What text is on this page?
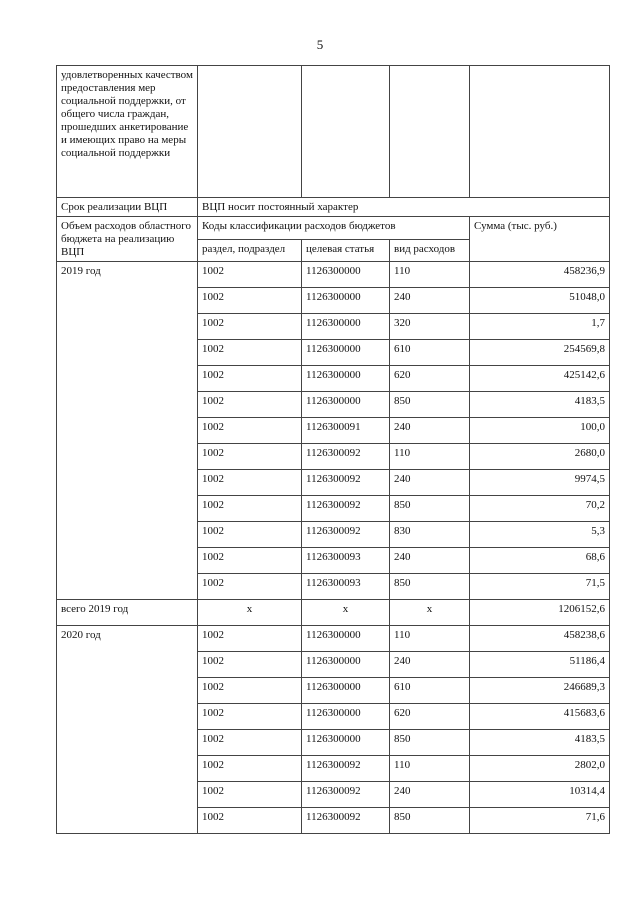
5
удовлетворенных качеством предоставления мер социальной поддержки, от общего числа граждан, прошедших анкетирование и имеющих право на меры социальной поддержки				
Срок реализации ВЦП	ВЦП носит постоянный характер			
Объем расходов областного бюджета на реализацию ВЦП	Коды классификации расходов бюджетов			Сумма (тыс. руб.)
	раздел, подраздел	целевая статья	вид расходов	
2019 год	1002	1126300000	110	458236,9
	1002	1126300000	240	51048,0
	1002	1126300000	320	1,7
	1002	1126300000	610	254569,8
	1002	1126300000	620	425142,6
	1002	1126300000	850	4183,5
	1002	1126300091	240	100,0
	1002	1126300092	110	2680,0
	1002	1126300092	240	9974,5
	1002	1126300092	850	70,2
	1002	1126300092	830	5,3
	1002	1126300093	240	68,6
	1002	1126300093	850	71,5
всего 2019 год	х	х	х	1206152,6
2020 год	1002	1126300000	110	458238,6
	1002	1126300000	240	51186,4
	1002	1126300000	610	246689,3
	1002	1126300000	620	415683,6
	1002	1126300000	850	4183,5
	1002	1126300092	110	2802,0
	1002	1126300092	240	10314,4
	1002	1126300092	850	71,6
